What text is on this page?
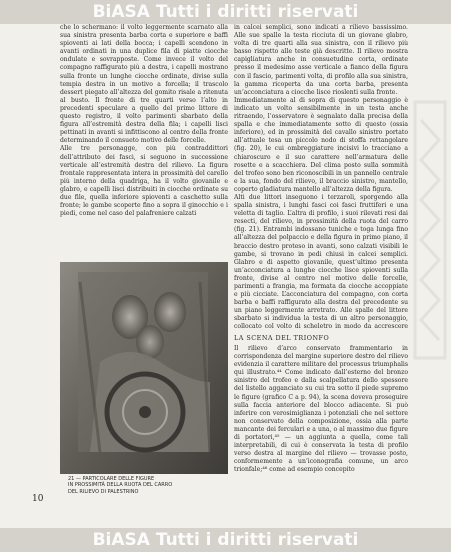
BiASA Tutti i diritti riservati
che lo schermano: il volto leggermente scarnato alla sua sinistra presenta barba corta e superiore e baffi spioventi ai lati della bocca; i capelli scendono in avanti ordinati in una duplice fila di piatte ciocche ondulate e sovrapposte. Come invece il volto del compagno raffigurato più a destra, i capelli mostrano sulla fronte un lunghe ciocche ordinate, divise sulla tempia destra in un motivo a forcella; il trascolo dessert piegato all’altezza del gomito risale a ritenuta al busto. Il fronte di tre quarti verso l’alto in precedenti speculare a quello del primo littore di questo registro, il volto parimenti sbarbato della figura all’estremità destra della fila; i capelli lisci pettinati in avanti si infittiscono al centro della fronte determinando il consueto motivo delle forcelle.
Alle tre personagge, con più contraddittori dell’attributo dei fasci, si seguono in successione verticale all’estremità destra del rilievo. La figura frontale rappresentata intera in prossimità del carello più interno della quadriga, ha il volto giovanile e glabro, e capelli lisci distribuiti in ciocche ordinate su due file, quella inferiore spioventi a caschetto sulla fronte; le gambe scoperte fino a sopra il ginocchio e i piedi, come nel caso del palafreniere calzati
in calcei semplici, sono indicati a rilievo bassissimo. Alle sue spalle la testa ricciuta di un giovane glabro, volta di tre quarti alla sua sinistra, con il rilievo più basso rispetto alle teste già descritte. Il rilievo mostra capigliatura anche in consuetudine corta, ordinate presso il medesimo asse verticale a fianco della figura con il fascio, parimenti volta, di profilo alla sua sinistra, la gamma ricoperta da una corta barba, presenta un’acconciatura a ciocche lisce rioslenti sulla fronte.
Immediatamente al di sopra di questo personaggio è indicato un volto sensibilmente in un testa anche ritraendo, l’osservatore è segnalato dalla precisa della spalla e che immediatamente sotto di questo (ossia inferiore), ed in prossimità del cavallo sinistro portato all’attuale tesa un piccolo nodo di stoffa rettangolare (fig. 20), le cui ombreggiature incisivi lo tracciano a chiaroscuro e il suo carattere nell’armatura delle rosette e a scacchiera. Del clima posto sulla sommità del trofeo sono ben riconoscibili in un pannello centrale e la sua, fondo del rilievo, il braccio sinistro, mantello, coperto gladiatura mantello all’altezza della figura.
Alti due littori inseguono i terzaroli, sporgendo alla spalla sinistra, i lunghi fasci coi fasci fruttiferi e una veletta di taglio. L’altra di profilo, i suoi rilevati resi dai resecti, del rilievo, in prossimità della ruota del carro (fig. 21). Entrambi indossano tuniche e toga lunga fino all’altezza del polpaccio e della figura in primo piano, il braccio destro proteso in avanti, sono calzati visibili le gambe, si trovano in pedi chiusi in calcei semplici. Glabro e di aspetto giovanile, quest’ultimo presenta un’acconciatura a lunghe ciocche lisce spioventi sulla fronte, divise al centro nel motivo delle forcelle, parimenti a frangia, ma formata da ciocche accoppiate e più cicciate. L’acconciatura del compagno, con corta barba e baffi raffigurato alla destra del precedente su un piano leggermente arretrato. Alle spalle del littore sbarbato si individua la testa di un altro personaggio, collocato col volto di scheletro in modo da accrescere
LA SCENA DEL TRIONFO
Il rilievo d’arco conservato frammentario in corrispondenza del margine superiore destro del rilievo evidenzia il carattere militare del processus triumphalis qui illustrato.⁴⁴ Come indicato dall’esterno del bronzo sinistro del trofeo e dalla scalpellatura dello spessore del listello agganciato su cui tra sotto il piede supremo le figure (grafico C a p. 94), la scena doveva proseguire sulla faccia anteriore del blocco adiacente. Si può inferire con verosimiglianza i potenziali che nel settore non conservato della composizione, ossia alla parte mancante dei ferculari e a una, o al massimo due figure di portatori,⁴⁵ — un aggiunta a quella, come tali interpretabili, di cui è conservata la testa di profilo verso destra al margine del rilievo — trovasse posto, conformemente a un’iconografia comune, un arco trionfale;⁴⁶ come ad esempio concepito
21 — PARTICOLARE DELLE FIGURE
IN PROSSIMITÀ DELLA RUOTA DEL CARRO
DEL RILIEVO DI PALESTRINO
10
BiASA Tutti i diritti riservati
